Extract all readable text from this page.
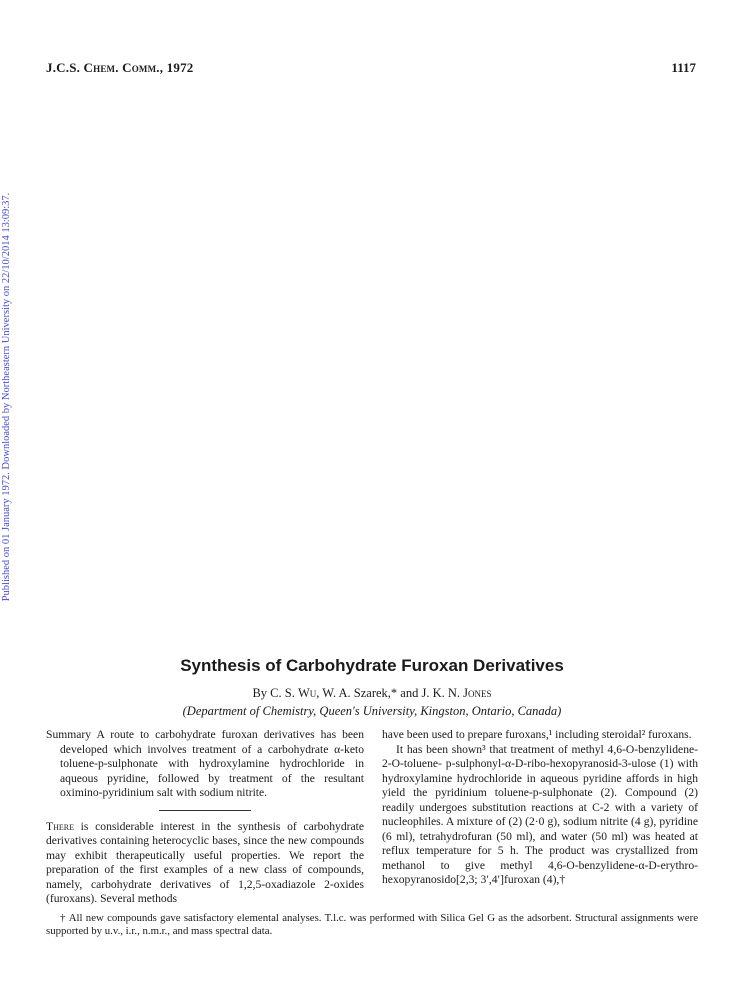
J.C.S. Chem. Comm., 1972	1117
Published on 01 January 1972. Downloaded by Northeastern University on 22/10/2014 13:09:37.
Synthesis of Carbohydrate Furoxan Derivatives
By C. S. Wu, W. A. Szarek,* and J. K. N. Jones
(Department of Chemistry, Queen's University, Kingston, Ontario, Canada)

Summary A route to carbohydrate furoxan derivatives has been developed which involves treatment of a carbohydrate α-keto toluene-p-sulphonate with hydroxylamine hydrochloride in aqueous pyridine, followed by treatment of the resultant oximino-pyridinium salt with sodium nitrite.

There is considerable interest in the synthesis of carbohydrate derivatives containing heterocyclic bases, since the new compounds may exhibit therapeutically useful properties. We report the preparation of the first examples of a new class of compounds, namely, carbohydrate derivatives of 1,2,5-oxadiazole 2-oxides (furoxans). Several methods

have been used to prepare furoxans,¹ including steroidal² furoxans.

It has been shown³ that treatment of methyl 4,6-O-benzylidene-2-O-toluene- p-sulphonyl-α-D-ribo-hexopyranosid-3-ulose (1) with hydroxylamine hydrochloride in aqueous pyridine affords in high yield the pyridinium toluene-p-sulphonate (2). Compound (2) readily undergoes substitution reactions at C-2 with a variety of nucleophiles. A mixture of (2) (2·0 g), sodium nitrite (4 g), pyridine (6 ml), tetrahydrofuran (50 ml), and water (50 ml) was heated at reflux temperature for 5 h. The product was crystallized from methanol to give methyl 4,6-O-benzylidene-α-D-erythro-hexopyranosido[2,3; 3′,4′]furoxan (4),†

† All new compounds gave satisfactory elemental analyses. T.l.c. was performed with Silica Gel G as the adsorbent. Structural assignments were supported by u.v., i.r., n.m.r., and mass spectral data.
